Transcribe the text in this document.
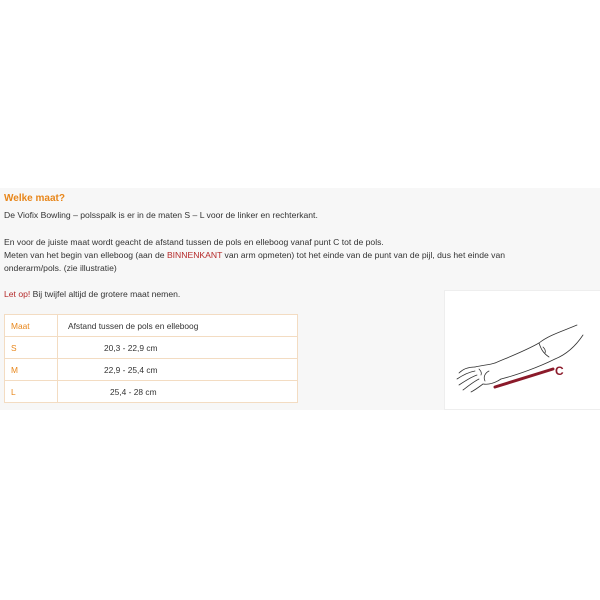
Welke maat?

De Viofix Bowling – polsspalk is er in de maten S – L voor de linker en rechterkant.

En voor de juiste maat wordt geacht de afstand tussen de pols en elleboog vanaf punt C tot de pols.
Meten van het begin van elleboog (aan de BINNENKANT van arm opmeten) tot het einde van de punt van de pijl, dus het einde van
onderarm/pols. (zie illustratie)

Let op! Bij twijfel altijd de grotere maat nemen.

Maat	Afstand tussen de pols en elleboog
S	20,3 - 22,9 cm
M	22,9 - 25,4 cm
L	25,4 - 28 cm
C
